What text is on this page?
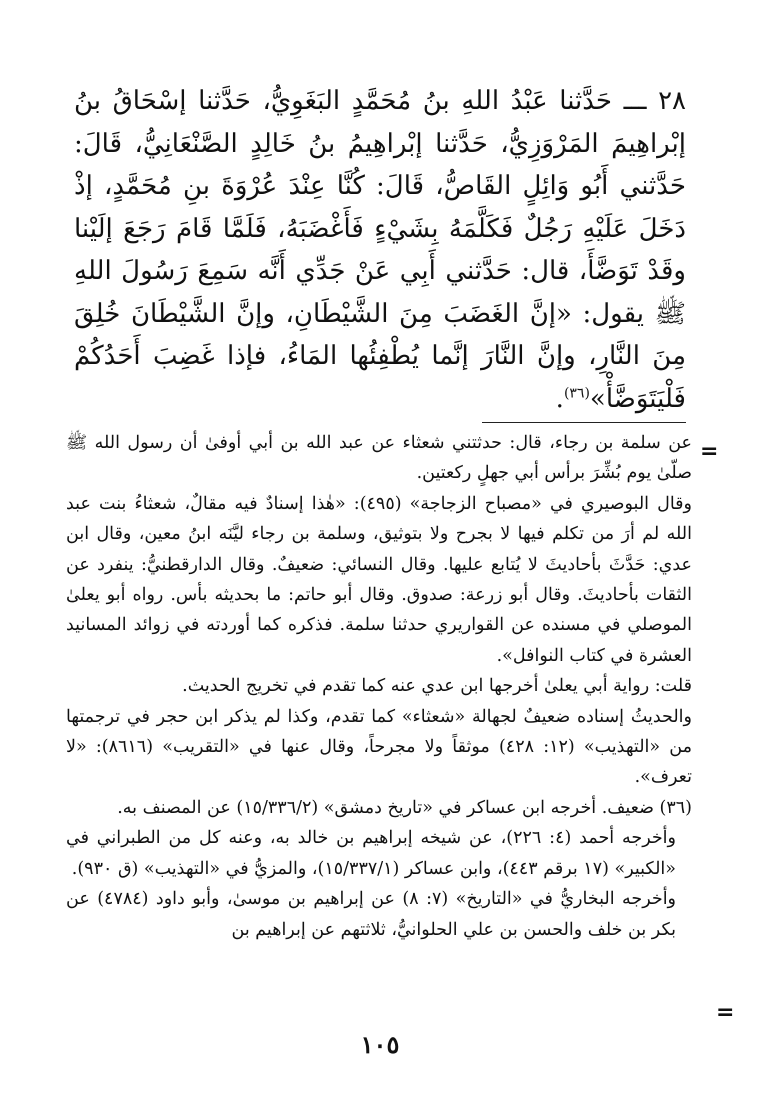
٢٨ ـــ حَدَّثنا عَبْدُ اللهِ بنُ مُحَمَّدٍ البَغَوِيُّ، حَدَّثنا إسْحَاقُ بنُ إبْراهِيمَ المَرْوَزِيُّ، حَدَّثنا إبْراهِيمُ بنُ خَالِدٍ الصَّنْعَانِيُّ، قَالَ: حَدَّثني أَبُو وَائِلٍ القَاصُّ، قَالَ: كُنَّا عِنْدَ عُرْوَةَ بنِ مُحَمَّدٍ، إذْ دَخَلَ عَلَيْهِ رَجُلٌ فَكَلَّمَهُ بِشَيْءٍ فَأَغْضَبَهُ، فَلَمَّا قَامَ رَجَعَ إلَيْنا وقَدْ تَوَضَّأَ، قال: حَدَّثني أَبِي عَنْ جَدِّي أَنَّه سَمِعَ رَسُولَ اللهِ ﷺ يقول: «إنَّ الغَضَبَ مِنَ الشَّيْطَانِ، وإنَّ الشَّيْطَانَ خُلِقَ مِنَ النَّارِ، وإنَّ النَّارَ إنَّما يُطْفِئُها المَاءُ، فإذا غَضِبَ أَحَدُكُمْ فَلْيَتَوَضَّأْ»$^{(٣٦)}$.

=

عن سلمة بن رجاء، قال: حدثتني شعثاء عن عبد الله بن أبي أوفىٰ أن رسول الله ﷺ صلّىٰ يوم بُشِّرَ برأس أبي جهلٍ ركعتين.

وقال البوصيري في «مصباح الزجاجة» (٤٩٥): «هٰذا إسنادٌ فيه مقالٌ، شعثاءُ بنت عبد الله لم أرَ من تكلم فيها لا بجرح ولا بتوثيق، وسلمة بن رجاء ليَّنَه ابنُ معين، وقال ابن عدي: حَدَّثَ بأحاديثَ لا يُتابع عليها. وقال النسائي: ضعيفٌ. وقال الدارقطنيُّ: ينفرد عن الثقات بأحاديثَ. وقال أبو زرعة: صدوق. وقال أبو حاتم: ما بحديثه بأس. رواه أبو يعلىٰ الموصلي في مسنده عن القواريري حدثنا سلمة. فذكره كما أوردته في زوائد المسانيد العشرة في كتاب النوافل».

قلت: رواية أبي يعلىٰ أخرجها ابن عدي عنه كما تقدم في تخريج الحديث.

والحديثُ إسناده ضعيفٌ لجهالة «شعثاء» كما تقدم، وكذا لم يذكر ابن حجر في ترجمتها من «التهذيب» (١٢: ٤٢٨) موثقاً ولا مجرحاً، وقال عنها في «التقريب» (٨٦١٦): «لا تعرف».

(٣٦) ضعيف. أخرجه ابن عساكر في «تاريخ دمشق» (١٥/٣٣٦/٢) عن المصنف به.

وأخرجه أحمد (٤: ٢٢٦)، عن شيخه إبراهيم بن خالد به، وعنه كل من الطبراني في «الكبير» (١٧ برقم ٤٤٣)، وابن عساكر (١٥/٣٣٧/١)، والمزيُّ في «التهذيب» (ق ٩٣٠).

وأخرجه البخاريُّ في «التاريخ» (٧: ٨) عن إبراهيم بن موسىٰ، وأبو داود (٤٧٨٤) عن بكر بن خلف والحسن بن علي الحلوانيُّ، ثلاثتهم عن إبراهيم بن

=
١٠٥
